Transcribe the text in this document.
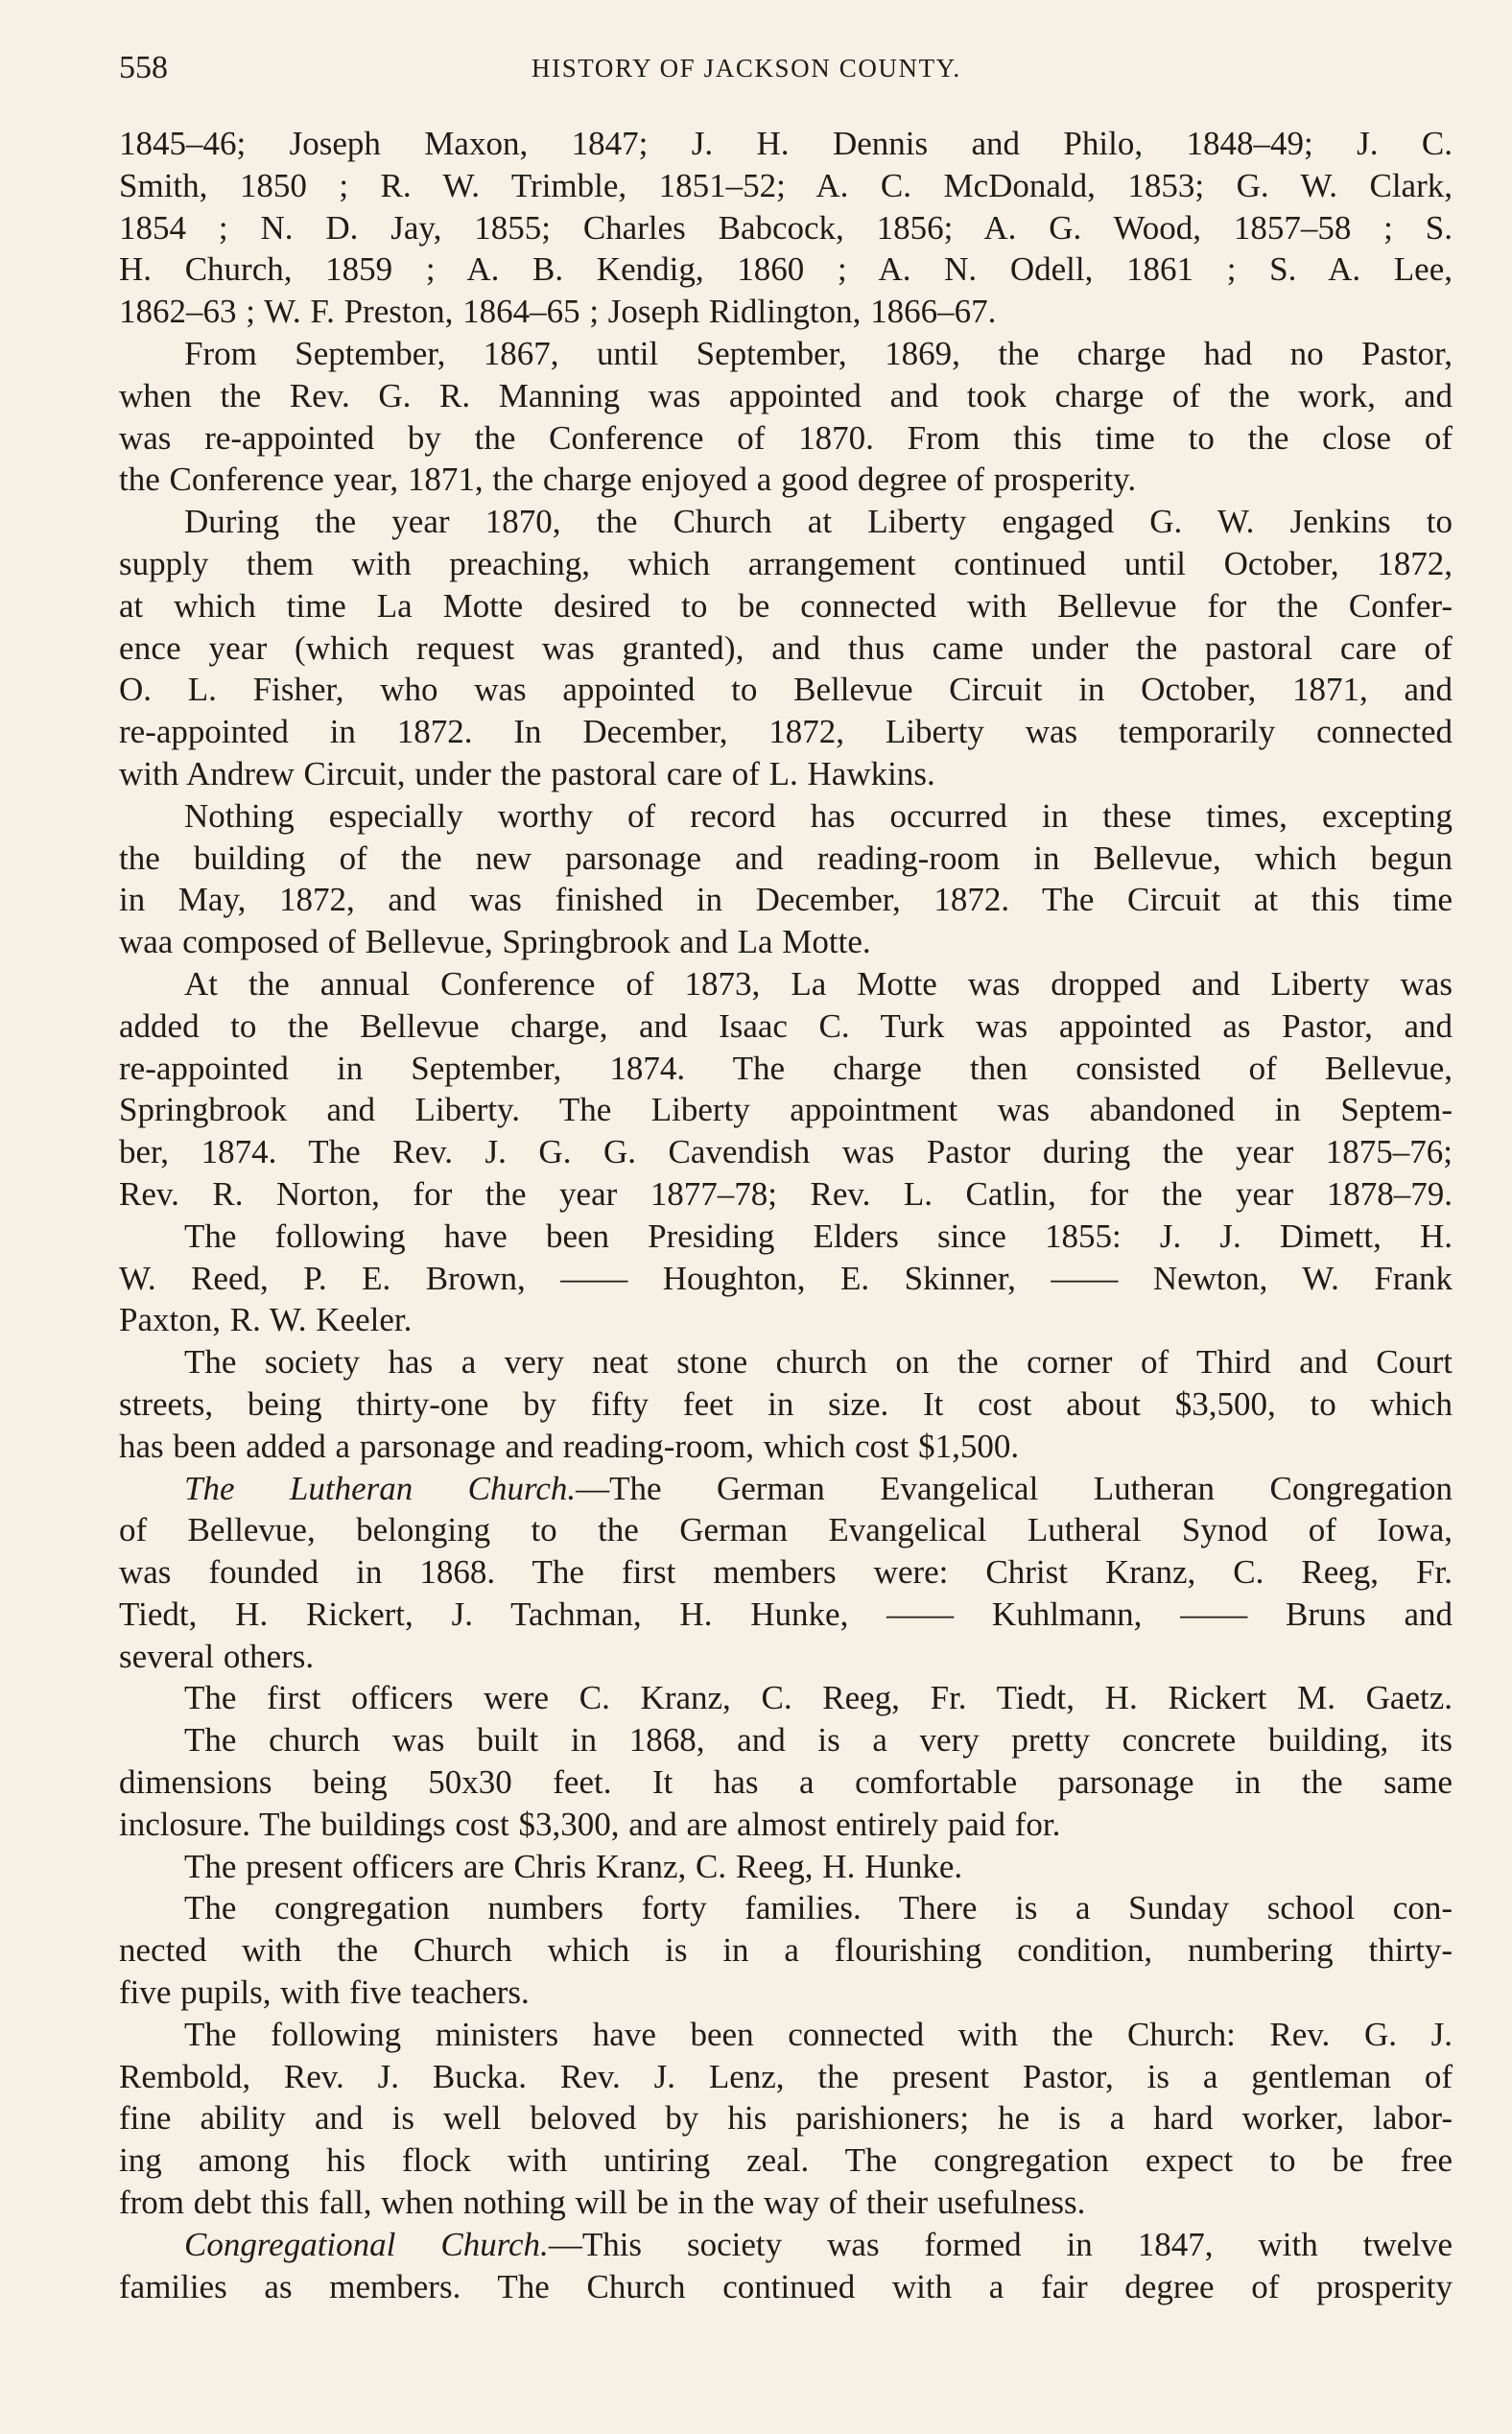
558	HISTORY OF JACKSON COUNTY.
1845–46; Joseph Maxon, 1847; J. H. Dennis and Philo, 1848–49; J. C.
Smith, 1850 ; R. W. Trimble, 1851–52; A. C. McDonald, 1853; G. W. Clark,
1854 ; N. D. Jay, 1855; Charles Babcock, 1856; A. G. Wood, 1857–58 ; S.
H. Church, 1859 ; A. B. Kendig, 1860 ; A. N. Odell, 1861 ; S. A. Lee,
1862–63 ; W. F. Preston, 1864–65 ; Joseph Ridlington, 1866–67.
From September, 1867, until September, 1869, the charge had no Pastor,
when the Rev. G. R. Manning was appointed and took charge of the work, and
was re-appointed by the Conference of 1870. From this time to the close of
the Conference year, 1871, the charge enjoyed a good degree of prosperity.
During the year 1870, the Church at Liberty engaged G. W. Jenkins to
supply them with preaching, which arrangement continued until October, 1872,
at which time La Motte desired to be connected with Bellevue for the Confer-
ence year (which request was granted), and thus came under the pastoral care of
O. L. Fisher, who was appointed to Bellevue Circuit in October, 1871, and
re-appointed in 1872. In December, 1872, Liberty was temporarily connected
with Andrew Circuit, under the pastoral care of L. Hawkins.
Nothing especially worthy of record has occurred in these times, excepting
the building of the new parsonage and reading-room in Bellevue, which begun
in May, 1872, and was finished in December, 1872. The Circuit at this time
waa composed of Bellevue, Springbrook and La Motte.
At the annual Conference of 1873, La Motte was dropped and Liberty was
added to the Bellevue charge, and Isaac C. Turk was appointed as Pastor, and
re-appointed in September, 1874. The charge then consisted of Bellevue,
Springbrook and Liberty. The Liberty appointment was abandoned in Septem-
ber, 1874. The Rev. J. G. G. Cavendish was Pastor during the year 1875–76;
Rev. R. Norton, for the year 1877–78; Rev. L. Catlin, for the year 1878–79.
The following have been Presiding Elders since 1855: J. J. Dimett, H.
W. Reed, P. E. Brown, —— Houghton, E. Skinner, —— Newton, W. Frank
Paxton, R. W. Keeler.
The society has a very neat stone church on the corner of Third and Court
streets, being thirty-one by fifty feet in size. It cost about $3,500, to which
has been added a parsonage and reading-room, which cost $1,500.
The Lutheran Church.—The German Evangelical Lutheran Congregation
of Bellevue, belonging to the German Evangelical Lutheral Synod of Iowa,
was founded in 1868. The first members were: Christ Kranz, C. Reeg, Fr.
Tiedt, H. Rickert, J. Tachman, H. Hunke, —— Kuhlmann, —— Bruns and
several others.
The first officers were C. Kranz, C. Reeg, Fr. Tiedt, H. Rickert M. Gaetz.
The church was built in 1868, and is a very pretty concrete building, its
dimensions being 50x30 feet. It has a comfortable parsonage in the same
inclosure. The buildings cost $3,300, and are almost entirely paid for.
The present officers are Chris Kranz, C. Reeg, H. Hunke.
The congregation numbers forty families. There is a Sunday school con-
nected with the Church which is in a flourishing condition, numbering thirty-
five pupils, with five teachers.
The following ministers have been connected with the Church: Rev. G. J.
Rembold, Rev. J. Bucka. Rev. J. Lenz, the present Pastor, is a gentleman of
fine ability and is well beloved by his parishioners; he is a hard worker, labor-
ing among his flock with untiring zeal. The congregation expect to be free
from debt this fall, when nothing will be in the way of their usefulness.
Congregational Church.—This society was formed in 1847, with twelve
families as members. The Church continued with a fair degree of prosperity
